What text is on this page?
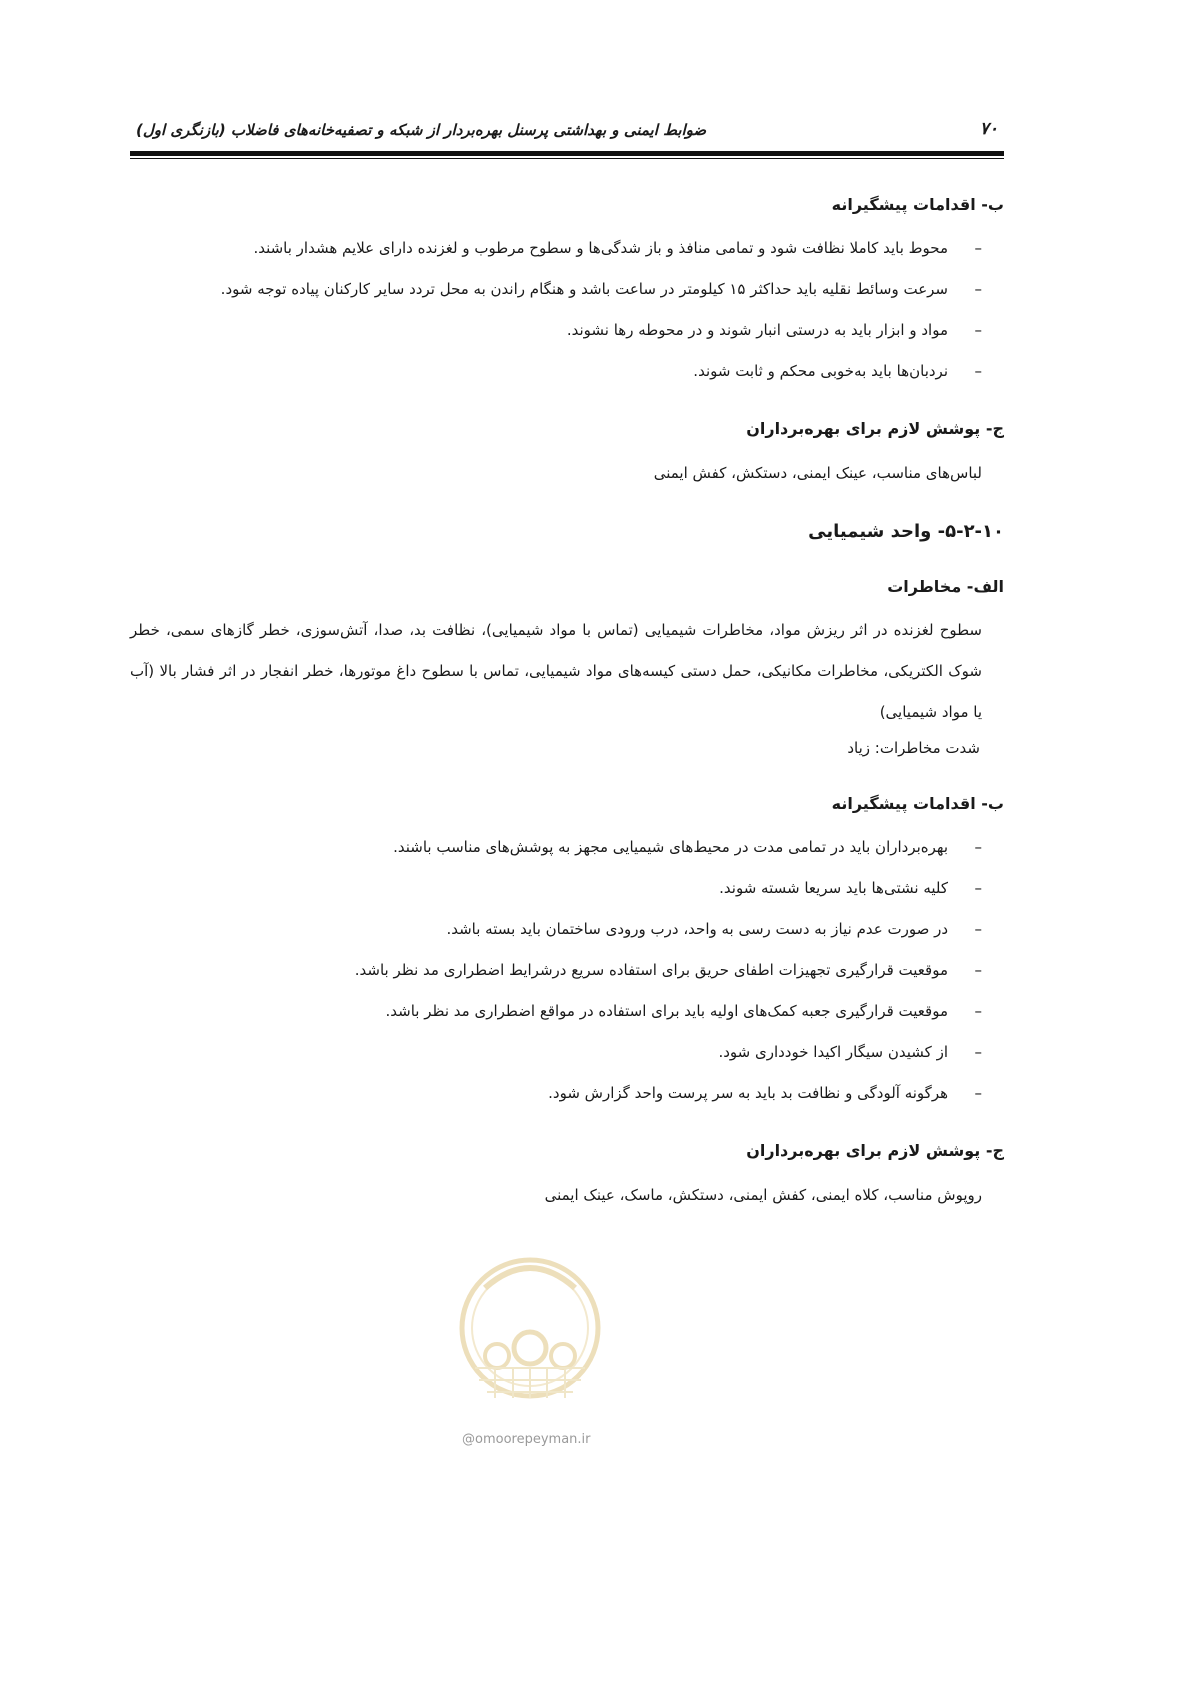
ضوابط ایمنی و بهداشتی پرسنل بهره‌بردار از شبکه و تصفیه‌خانه‌های فاضلاب (بازنگری اول)	۷۰
ب- اقدامات پیشگیرانه
–
محوط باید کاملا نظافت شود و تمامی منافذ و باز شدگی‌ها و سطوح مرطوب و لغزنده دارای علایم هشدار باشند.
–
سرعت وسائط نقلیه باید حداکثر ۱۵ کیلومتر در ساعت باشد و هنگام راندن به محل تردد سایر کارکنان پیاده توجه شود.
–
مواد و ابزار باید به درستی انبار شوند و در محوطه رها نشوند.
–
نردبان‌ها باید به‌خوبی محکم و ثابت شوند.
ج- پوشش لازم برای بهره‌برداران
لباس‌های مناسب، عینک ایمنی، دستکش، کفش ایمنی
۵-۲-۱۰- واحد شیمیایی
الف- مخاطرات

سطوح لغزنده در اثر ریزش مواد، مخاطرات شیمیایی (تماس با مواد شیمیایی)، نظافت بد، صدا، آتش‌سوزی، خطر گازهای سمی، خطر شوک الکتریکی، مخاطرات مکانیکی، حمل دستی کیسه‌های مواد شیمیایی، تماس با سطوح داغ موتورها، خطر انفجار در اثر فشار بالا (آب یا مواد شیمیایی)

شدت مخاطرات: زیاد
ب- اقدامات پیشگیرانه
–
بهره‌برداران باید در تمامی مدت در محیط‌های شیمیایی مجهز به پوشش‌های مناسب باشند.
–
کلیه نشتی‌ها باید سریعا شسته شوند.
–
در صورت عدم نیاز به دست رسی به واحد، درب ورودی ساختمان باید بسته باشد.
–
موقعیت قرارگیری تجهیزات اطفای حریق برای استفاده سریع درشرایط اضطراری مد نظر باشد.
–
موقعیت قرارگیری جعبه کمک‌های اولیه باید برای استفاده در مواقع اضطراری مد نظر باشد.
–
از کشیدن سیگار اکیدا خودداری شود.
–
هرگونه آلودگی و نظافت بد باید به سر پرست واحد گزارش شود.
ج- پوشش لازم برای بهره‌برداران
روپوش مناسب، کلاه ایمنی، کفش ایمنی، دستکش، ماسک، عینک ایمنی
@omoorepeyman.ir
